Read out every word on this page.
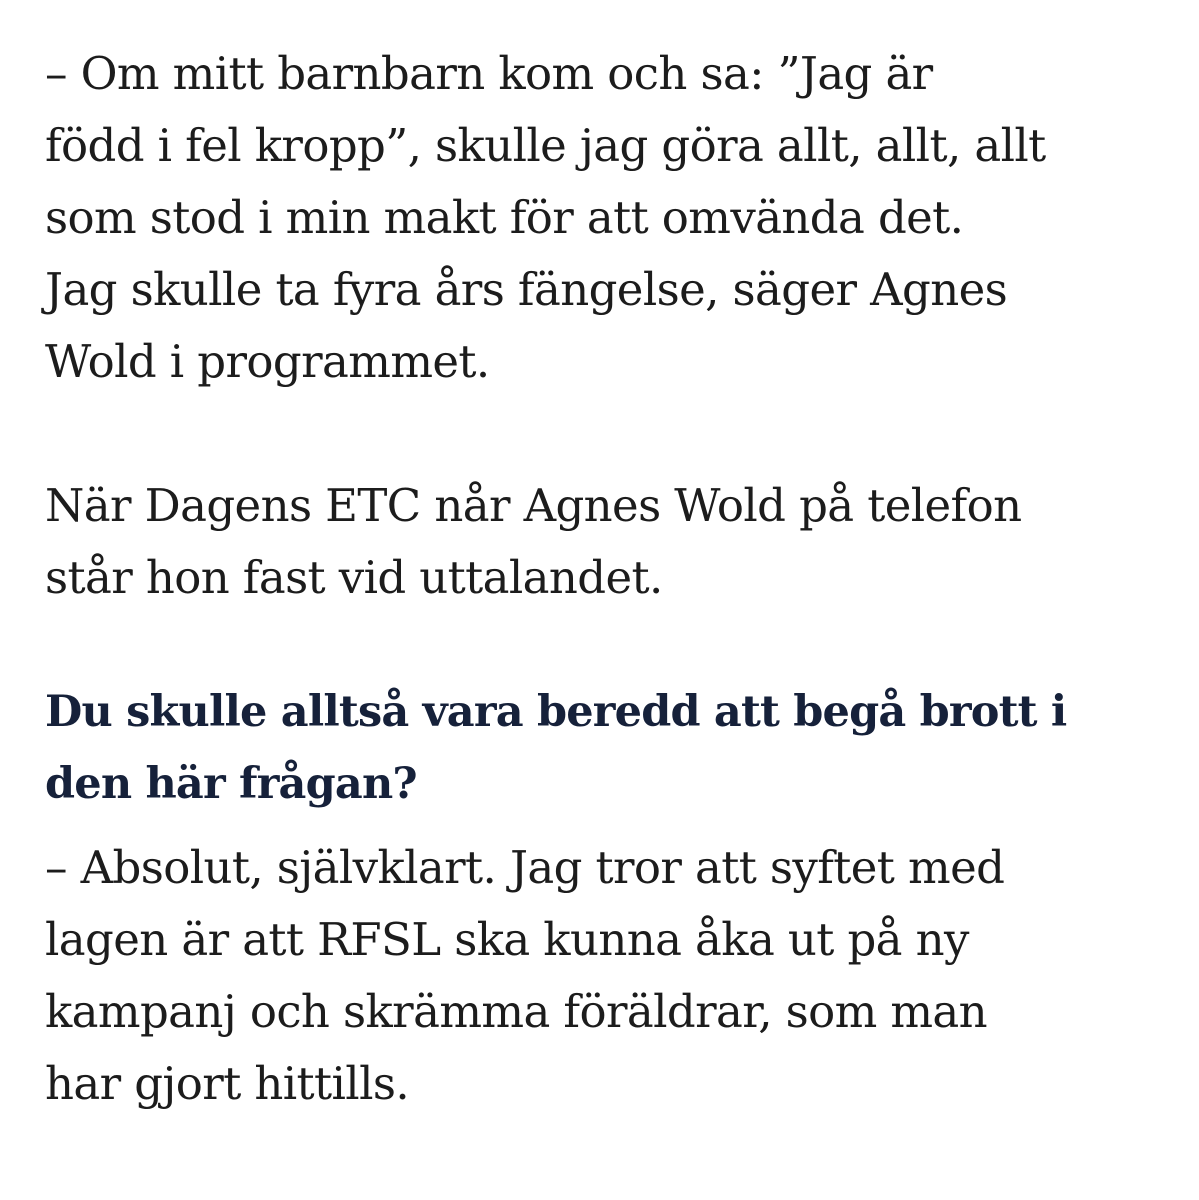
– Om mitt barnbarn kom och sa: ”Jag är
född i fel kropp”, skulle jag göra allt, allt, allt
som stod i min makt för att omvända det.
Jag skulle ta fyra års fängelse, säger Agnes
Wold i programmet.

När Dagens ETC når Agnes Wold på telefon
står hon fast vid uttalandet.

Du skulle alltså vara beredd att begå brott i
den här frågan?

– Absolut, självklart. Jag tror att syftet med
lagen är att RFSL ska kunna åka ut på ny
kampanj och skrämma föräldrar, som man
har gjort hittills.
